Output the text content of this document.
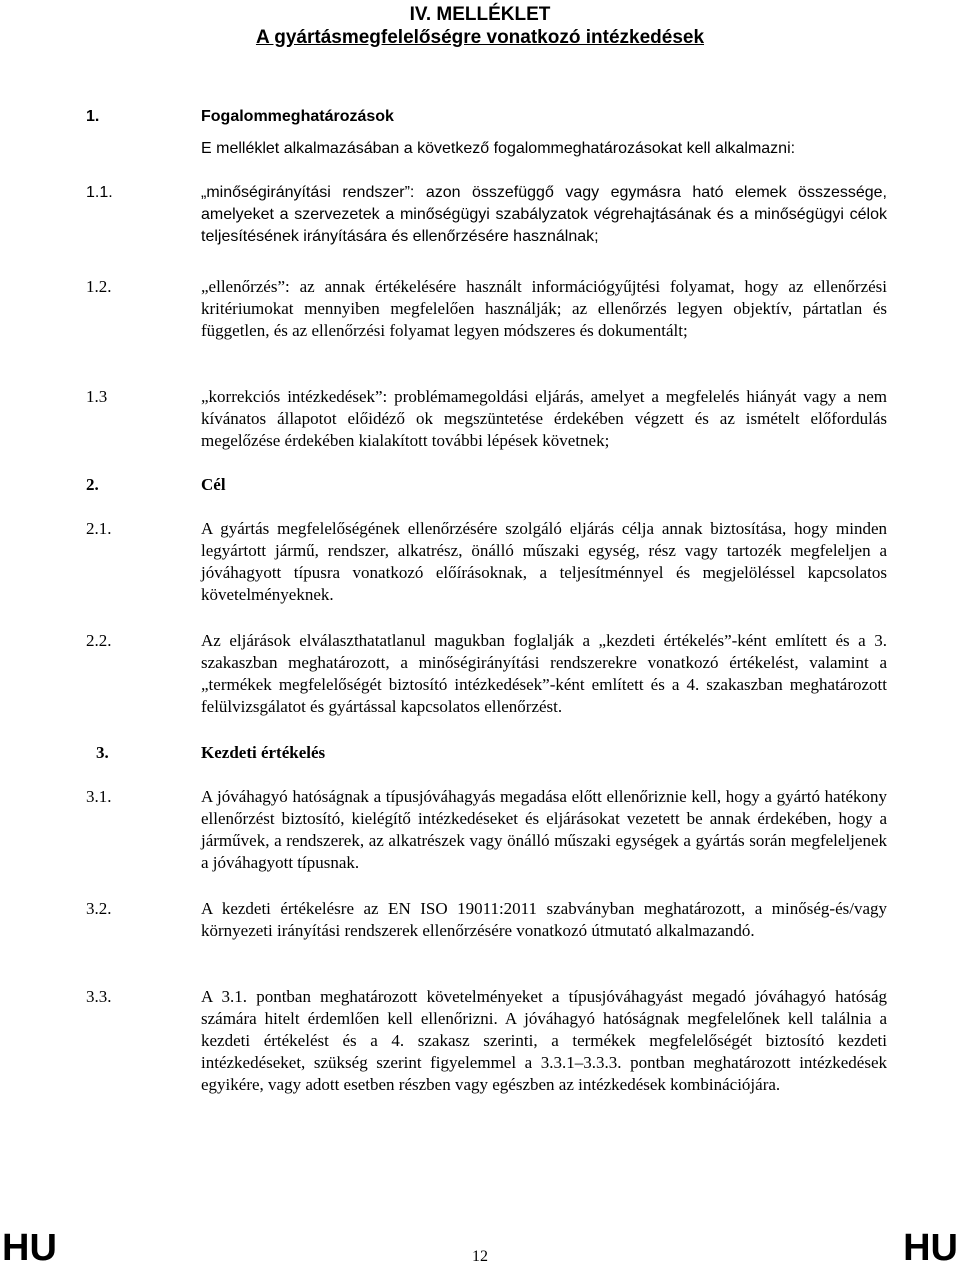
IV. MELLÉKLET
A gyártásmegfelelőségre vonatkozó intézkedések
1.	Fogalommeghatározások
E melléklet alkalmazásában a következő fogalommeghatározásokat kell alkalmazni:
1.1.	„minőségirányítási rendszer”: azon összefüggő vagy egymásra ható elemek összessége, amelyeket a szervezetek a minőségügyi szabályzatok végrehajtásának és a minőségügyi célok teljesítésének irányítására és ellenőrzésére használnak;
1.2.	„ellenőrzés”: az annak értékelésére használt információgyűjtési folyamat, hogy az ellenőrzési kritériumokat mennyiben megfelelően használják; az ellenőrzés legyen objektív, pártatlan és független, és az ellenőrzési folyamat legyen módszeres és dokumentált;
1.3	„korrekciós intézkedések”: problémamegoldási eljárás, amelyet a megfelelés hiányát vagy a nem kívánatos állapotot előidéző ok megszüntetése érdekében végzett és az ismételt előfordulás megelőzése érdekében kialakított további lépések követnek;
2.	Cél
2.1.	A gyártás megfelelőségének ellenőrzésére szolgáló eljárás célja annak biztosítása, hogy minden legyártott jármű, rendszer, alkatrész, önálló műszaki egység, rész vagy tartozék megfeleljen a jóváhagyott típusra vonatkozó előírásoknak, a teljesítménnyel és megjelöléssel kapcsolatos követelményeknek.
2.2.	Az eljárások elválaszthatatlanul magukban foglalják a „kezdeti értékelés”-ként említett és a 3. szakaszban meghatározott, a minőségirányítási rendszerekre vonatkozó értékelést, valamint a „termékek megfelelőségét biztosító intézkedések”-ként említett és a 4. szakaszban meghatározott felülvizsgálatot és gyártással kapcsolatos ellenőrzést.
3.	Kezdeti értékelés
3.1.	A jóváhagyó hatóságnak a típusjóváhagyás megadása előtt ellenőriznie kell, hogy a gyártó hatékony ellenőrzést biztosító, kielégítő intézkedéseket és eljárásokat vezetett be annak érdekében, hogy a járművek, a rendszerek, az alkatrészek vagy önálló műszaki egységek a gyártás során megfeleljenek a jóváhagyott típusnak.
3.2.	A kezdeti értékelésre az EN ISO 19011:2011 szabványban meghatározott, a minőség-és/vagy környezeti irányítási rendszerek ellenőrzésére vonatkozó útmutató alkalmazandó.
3.3.	A 3.1. pontban meghatározott követelményeket a típusjóváhagyást megadó jóváhagyó hatóság számára hitelt érdemlően kell ellenőrizni. A jóváhagyó hatóságnak megfelelőnek kell találnia a kezdeti értékelést és a 4. szakasz szerinti, a termékek megfelelőségét biztosító kezdeti intézkedéseket, szükség szerint figyelemmel a 3.3.1–3.3.3. pontban meghatározott intézkedések egyikére, vagy adott esetben részben vagy egészben az intézkedések kombinációjára.
HU	12	HU
